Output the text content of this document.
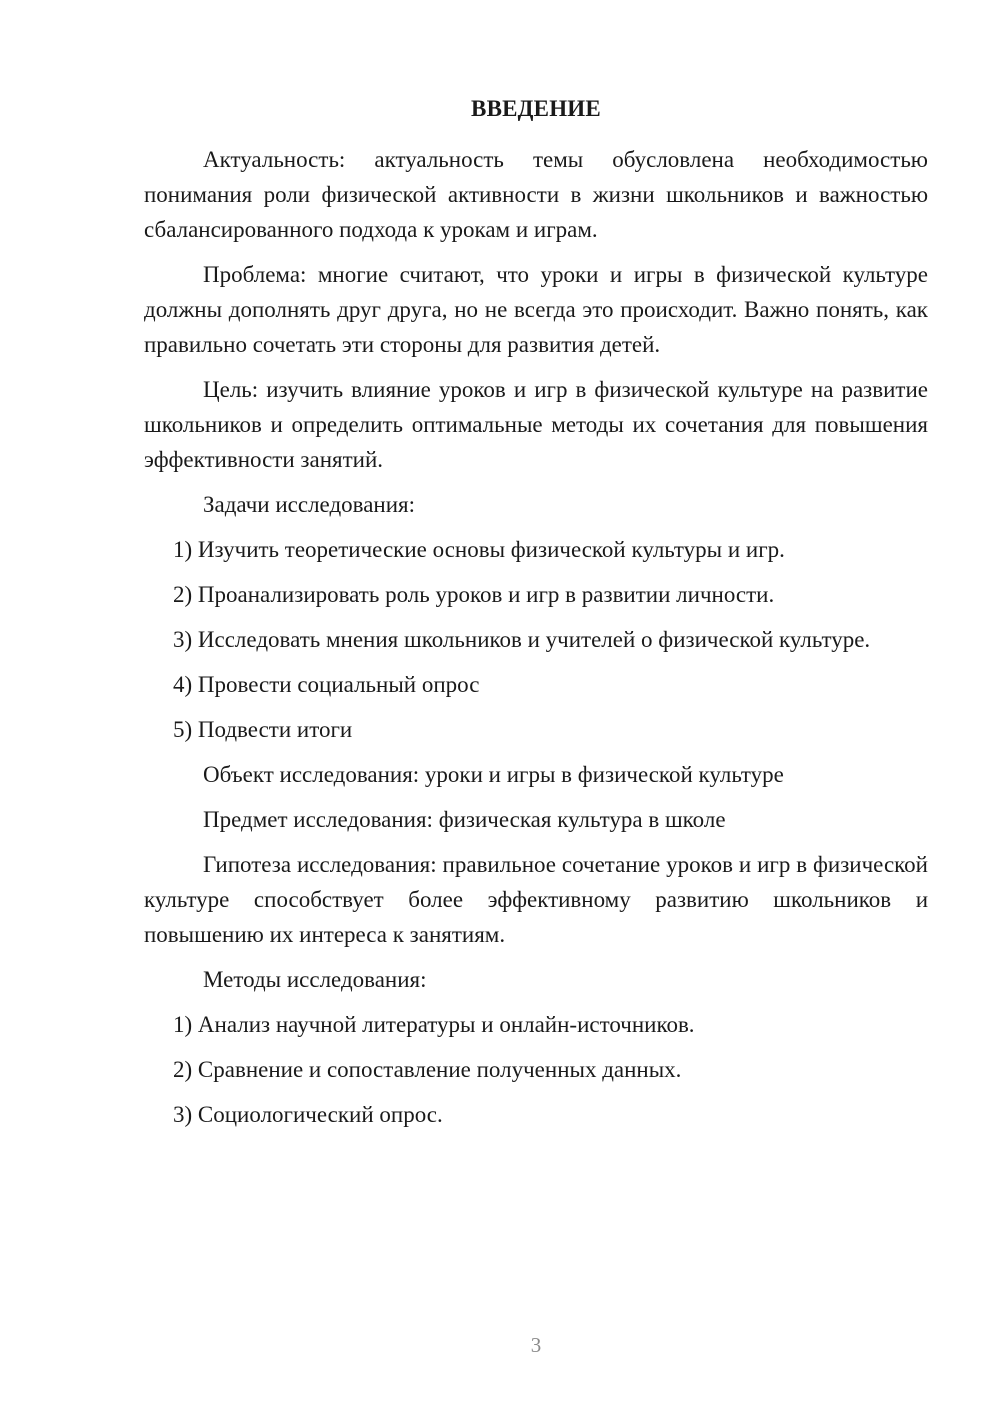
ВВЕДЕНИЕ

Актуальность: актуальность темы обусловлена необходимостью понимания роли физической активности в жизни школьников и важностью сбалансированного подхода к урокам и играм.

Проблема: многие считают, что уроки и игры в физической культуре должны дополнять друг друга, но не всегда это происходит. Важно понять, как правильно сочетать эти стороны для развития детей.

Цель: изучить влияние уроков и игр в физической культуре на развитие школьников и определить оптимальные методы их сочетания для повышения эффективности занятий.

Задачи исследования:

1) Изучить теоретические основы физической культуры и игр.

2) Проанализировать роль уроков и игр в развитии личности.

3) Исследовать мнения школьников и учителей о физической культуре.

4) Провести социальный опрос

5) Подвести итоги

Объект исследования: уроки и игры в физической культуре

Предмет исследования: физическая культура в школе

Гипотеза исследования: правильное сочетание уроков и игр в физической культуре способствует более эффективному развитию школьников и повышению их интереса к занятиям.

Методы исследования:

1) Анализ научной литературы и онлайн-источников.

2) Сравнение и сопоставление полученных данных.

3) Социологический опрос.

3
